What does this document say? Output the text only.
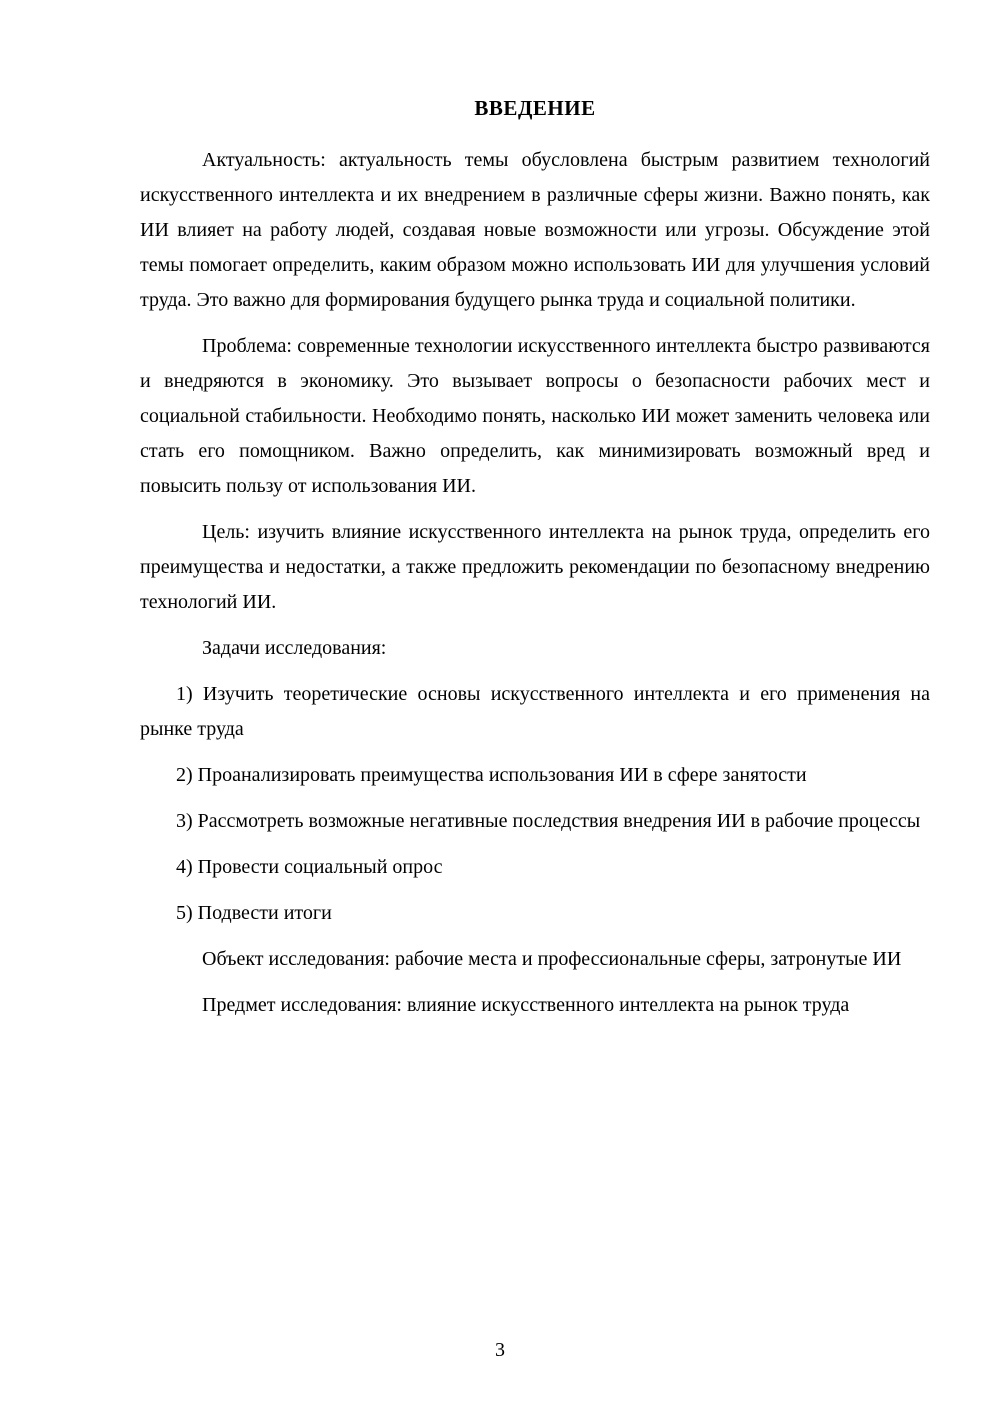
ВВЕДЕНИЕ

Актуальность: актуальность темы обусловлена быстрым развитием технологий искусственного интеллекта и их внедрением в различные сферы жизни. Важно понять, как ИИ влияет на работу людей, создавая новые возможности или угрозы. Обсуждение этой темы помогает определить, каким образом можно использовать ИИ для улучшения условий труда. Это важно для формирования будущего рынка труда и социальной политики.

Проблема: современные технологии искусственного интеллекта быстро развиваются и внедряются в экономику. Это вызывает вопросы о безопасности рабочих мест и социальной стабильности. Необходимо понять, насколько ИИ может заменить человека или стать его помощником. Важно определить, как минимизировать возможный вред и повысить пользу от использования ИИ.

Цель: изучить влияние искусственного интеллекта на рынок труда, определить его преимущества и недостатки, а также предложить рекомендации по безопасному внедрению технологий ИИ.

Задачи исследования:

1) Изучить теоретические основы искусственного интеллекта и его применения на рынке труда

2) Проанализировать преимущества использования ИИ в сфере занятости

3) Рассмотреть возможные негативные последствия внедрения ИИ в рабочие процессы

4) Провести социальный опрос

5) Подвести итоги

Объект исследования: рабочие места и профессиональные сферы, затронутые ИИ

Предмет исследования: влияние искусственного интеллекта на рынок труда

3
